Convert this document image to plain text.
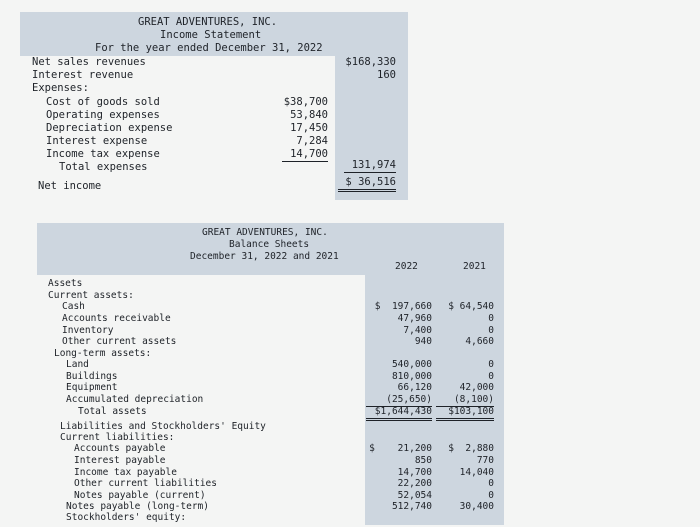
GREAT ADVENTURES, INC.
Income Statement
For the year ended December 31, 2022
Net sales revenues	$168,330
Interest revenue	160
Expenses:
Cost of goods sold	$38,700
Operating expenses	53,840
Depreciation expense	17,450
Interest expense	7,284
Income tax expense	14,700
Total expenses	131,974
Net income	$ 36,516
GREAT ADVENTURES, INC.
Balance Sheets
December 31, 2022 and 2021
2022	2021
Assets
Current assets:
Cash	$  197,660	$ 64,540
Accounts receivable	47,960	0
Inventory	7,400	0
Other current assets	940	4,660
Long-term assets:
Land	540,000	0
Buildings	810,000	0
Equipment	66,120	42,000
Accumulated depreciation	(25,650)	(8,100)
Total assets	$1,644,430	$103,100
Liabilities and Stockholders' Equity
Current liabilities:
Accounts payable	$    21,200	$  2,880
Interest payable	850	770
Income tax payable	14,700	14,040
Other current liabilities	22,200	0
Notes payable (current)	52,054	0
Notes payable (long-term)	512,740	30,400
Stockholders' equity:
